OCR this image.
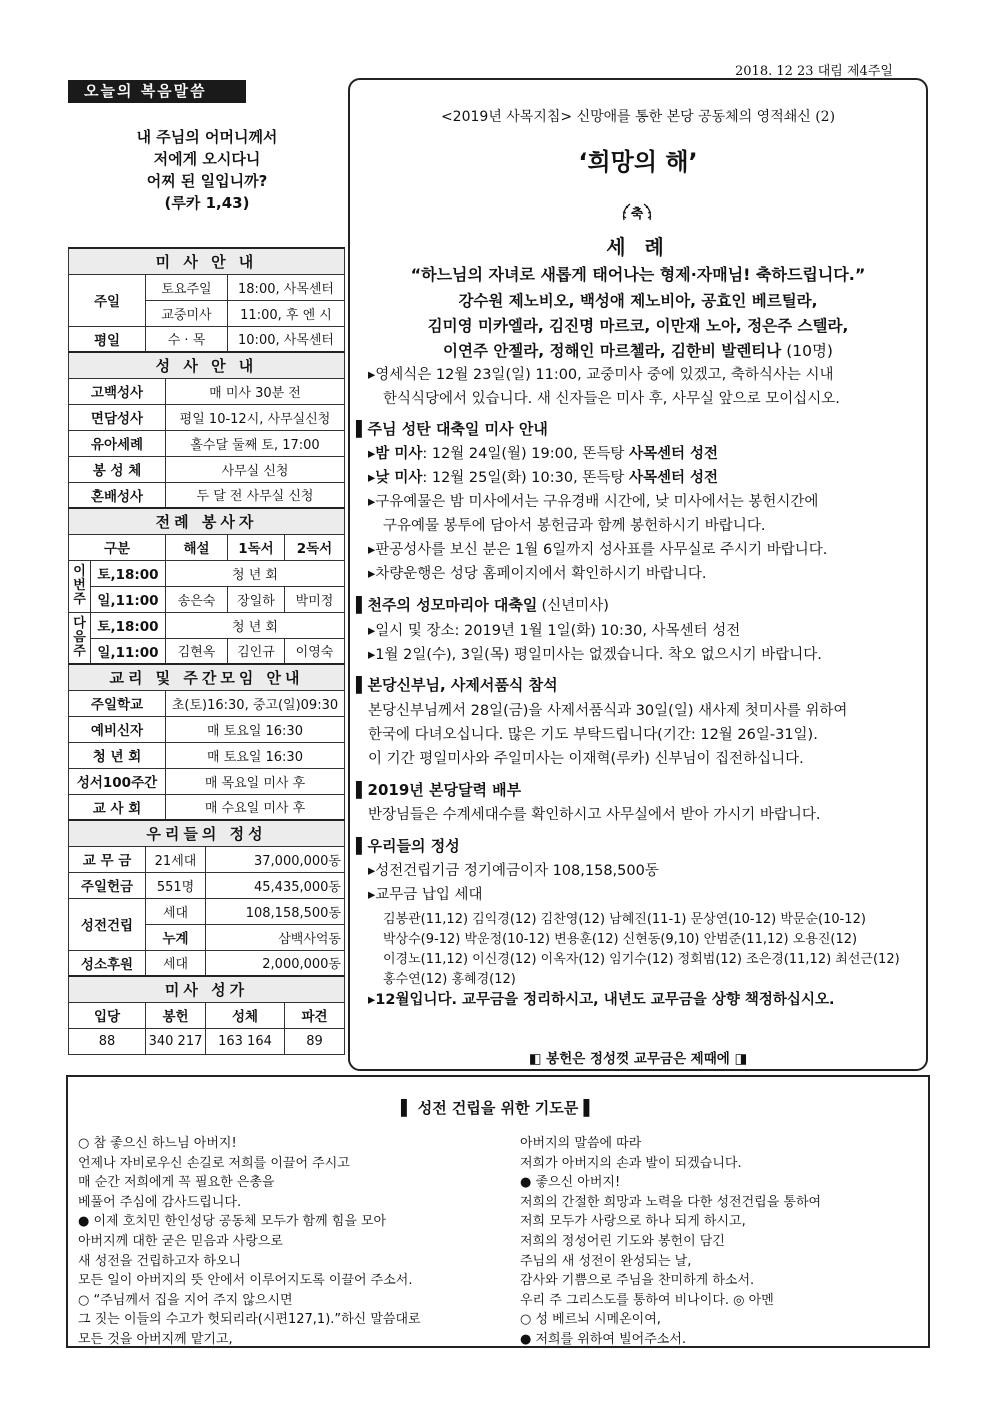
2018. 12 23 대림 제4주일
오늘의 복음말씀
내 주님의 어머니께서
저에게 오시다니
어찌 된 일입니까?
(루카 1,43)
미 사 안 내						
주일		토요주일			18:00, 사목센터	
		교중미사			11:00, 후 엔 시	
평일		수 · 목			10:00, 사목센터	
성 사 안 내						
고백성사			매 미사 30분 전			
면담성사			평일 10-12시, 사무실신청			
유아세례			홀수달 둘째 토, 17:00			
봉 성 체			사무실 신청			
혼배성사			두 달 전 사무실 신청			
전례 봉사자						
구분			해설		1독서	2독서

이
번
주	토,18:00		청 년 회			
	일,11:00		송은숙		장일하	박미정

다
음
주	토,18:00		청 년 회			
	일,11:00		김현옥		김인규	이영숙
교리 및 주간모임 안내						
주일학교			초(토)16:30, 중고(일)09:30			
예비신자			매 토요일 16:30			
청 년 회			매 토요일 16:30			
성서100주간			매 목요일 미사 후			
교 사 회			매 수요일 미사 후			
우리들의 정성						
교 무 금		21세대		37,000,000동		
주일헌금		551명		45,435,000동		
성전건립		세대		108,158,500동		
		누계		삼백사억동		
성소후원		세대		2,000,000동		
미사 성가						
입당		봉헌		성체		파견
88		340 217		163 164		89
<2019년 사목지침> 신망애를 통한 본당 공동체의 영적쇄신 (2)
‘희망의 해’
축
세 례
“하느님의 자녀로 새롭게 태어나는 형제·자매님! 축하드립니다.”
강수원 제노비오, 백성애 제노비아, 공효인 베르틸라,
김미영 미카엘라, 김진명 마르코, 이만재 노아, 정은주 스텔라,
이연주 안젤라, 정해인 마르첼라, 김한비 발렌티나 (10명)
▸영세식은 12월 23일(일) 11:00, 교중미사 중에 있겠고, 축하식사는 시내
한식식당에서 있습니다. 새 신자들은 미사 후, 사무실 앞으로 모이십시오.
▌주님 성탄 대축일 미사 안내
▸밤 미사: 12월 24일(월) 19:00, 똔득탕 사목센터 성전
▸낮 미사: 12월 25일(화) 10:30, 똔득탕 사목센터 성전
▸구유예물은 밤 미사에서는 구유경배 시간에, 낮 미사에서는 봉헌시간에
구유예물 봉투에 담아서 봉헌금과 함께 봉헌하시기 바랍니다.
▸판공성사를 보신 분은 1월 6일까지 성사표를 사무실로 주시기 바랍니다.
▸차량운행은 성당 홈페이지에서 확인하시기 바랍니다.
▌천주의 성모마리아 대축일 (신년미사)
▸일시 및 장소: 2019년 1월 1일(화) 10:30, 사목센터 성전
▸1월 2일(수), 3일(목) 평일미사는 없겠습니다. 착오 없으시기 바랍니다.
▌본당신부님, 사제서품식 참석
본당신부님께서 28일(금)을 사제서품식과 30일(일) 새사제 첫미사를 위하여
한국에 다녀오십니다. 많은 기도 부탁드립니다(기간: 12월 26일-31일).
이 기간 평일미사와 주일미사는 이재혁(루카) 신부님이 집전하십니다.
▌2019년 본당달력 배부
반장님들은 수계세대수를 확인하시고 사무실에서 받아 가시기 바랍니다.
▌우리들의 정성
▸성전건립기금 정기예금이자 108,158,500동
▸교무금 납입 세대
김봉관(11,12) 김익경(12) 김찬영(12) 남혜진(11-1) 문상연(10-12) 박문순(10-12)
박상수(9-12) 박운정(10-12) 변용훈(12) 신현동(9,10) 안범준(11,12) 오용진(12)
이경노(11,12) 이신경(12) 이옥자(12) 임기수(12) 정회범(12) 조은경(11,12) 최선근(12)
홍수연(12) 홍혜경(12)
▸12월입니다. 교무금을 정리하시고, 내년도 교무금을 상향 책정하십시오.
◧ 봉헌은 정성껏 교무금은 제때에 ◨
▌ 성전 건립을 위한 기도문 ▌
○ 참 좋으신 하느님 아버지!
언제나 자비로우신 손길로 저희를 이끌어 주시고
매 순간 저희에게 꼭 필요한 은총을
베풀어 주심에 감사드립니다.
● 이제 호치민 한인성당 공동체 모두가 함께 힘을 모아
아버지께 대한 굳은 믿음과 사랑으로
새 성전을 건립하고자 하오니
모든 일이 아버지의 뜻 안에서 이루어지도록 이끌어 주소서.
○ “주님께서 집을 지어 주지 않으시면
그 짓는 이들의 수고가 헛되리라(시편127,1).”하신 말씀대로
모든 것을 아버지께 맡기고,
아버지의 말씀에 따라
저희가 아버지의 손과 발이 되겠습니다.
● 좋으신 아버지!
저희의 간절한 희망과 노력을 다한 성전건립을 통하여
저희 모두가 사랑으로 하나 되게 하시고,
저희의 정성어린 기도와 봉헌이 담긴
주님의 새 성전이 완성되는 날,
감사와 기쁨으로 주님을 찬미하게 하소서.
우리 주 그리스도를 통하여 비나이다. ◎ 아멘
○ 성 베르뇌 시메온이여,
● 저희를 위하여 빌어주소서.
